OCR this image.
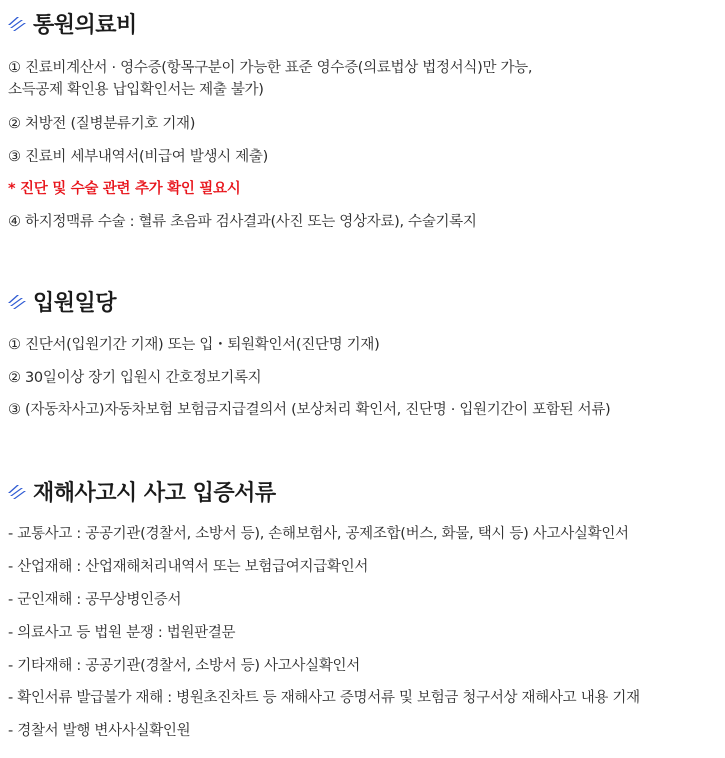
통원의료비
① 진료비계산서 · 영수증(항목구분이 가능한 표준 영수증(의료법상 법정서식)만 가능,
소득공제 확인용 납입확인서는 제출 불가)
② 처방전 (질병분류기호 기재)
③ 진료비 세부내역서(비급여 발생시 제출)
* 진단 및 수술 관련 추가 확인 필요시
④ 하지정맥류 수술 : 혈류 초음파 검사결과(사진 또는 영상자료), 수술기록지
입원일당
① 진단서(입원기간 기재) 또는 입・퇴원확인서(진단명 기재)
② 30일이상 장기 입원시 간호정보기록지
③ (자동차사고)자동차보험 보험금지급결의서 (보상처리 확인서, 진단명 · 입원기간이 포함된 서류)
재해사고시 사고 입증서류
- 교통사고 : 공공기관(경찰서, 소방서 등), 손해보험사, 공제조합(버스, 화물, 택시 등) 사고사실확인서
- 산업재해 : 산업재해처리내역서 또는 보험급여지급확인서
- 군인재해 : 공무상병인증서
- 의료사고 등 법원 분쟁 : 법원판결문
- 기타재해 : 공공기관(경찰서, 소방서 등) 사고사실확인서
- 확인서류 발급불가 재해 : 병원초진차트 등 재해사고 증명서류 및 보험금 청구서상 재해사고 내용 기재
- 경찰서 발행 변사사실확인원
